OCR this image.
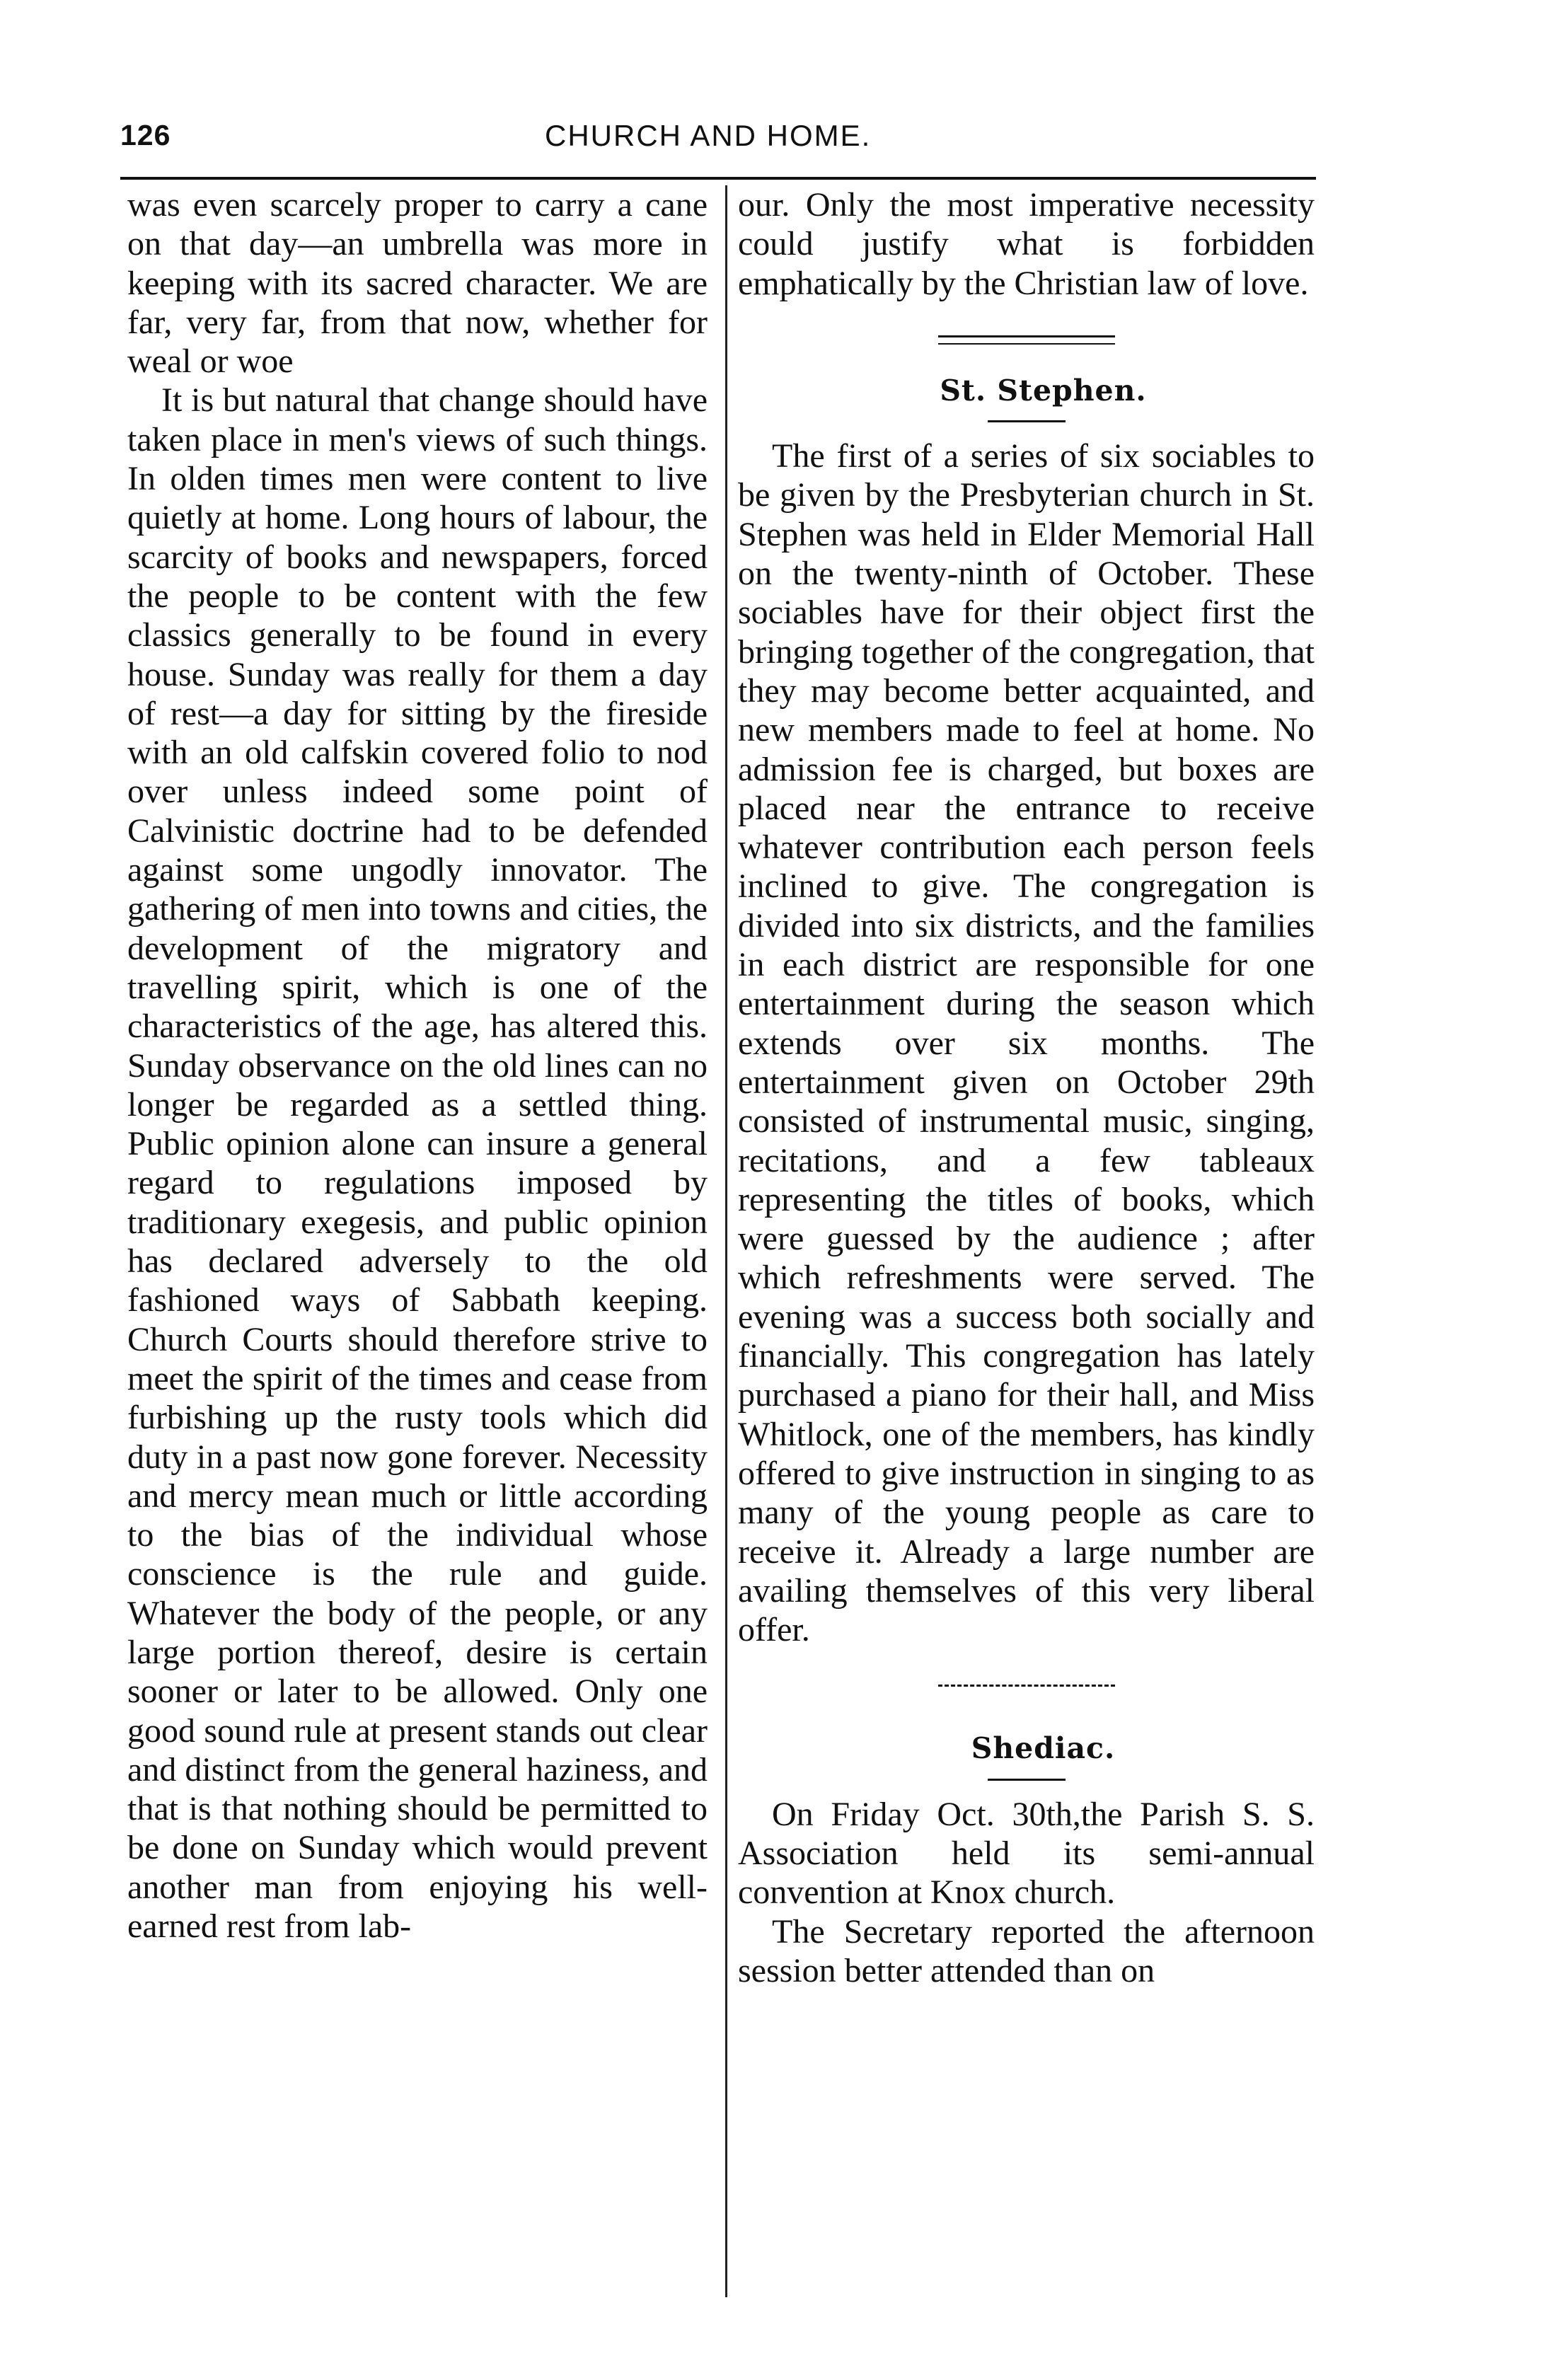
126	CHURCH AND HOME.

was even scarcely proper to carry a cane on that day—an umbrella was more in keeping with its sacred character. We are far, very far, from that now, whether for weal or woe

It is but natural that change should have taken place in men's views of such things. In olden times men were content to live quietly at home. Long hours of labour, the scarcity of books and newspapers, forced the people to be content with the few classics generally to be found in every house. Sunday was really for them a day of rest—a day for sitting by the fireside with an old calfskin covered folio to nod over unless indeed some point of Calvinistic doctrine had to be defended against some ungodly innovator. The gathering of men into towns and cities, the development of the migratory and travelling spirit, which is one of the characteristics of the age, has altered this. Sunday observance on the old lines can no longer be regarded as a settled thing. Public opinion alone can insure a general regard to regulations imposed by traditionary exegesis, and public opinion has declared adversely to the old fashioned ways of Sabbath keeping. Church Courts should therefore strive to meet the spirit of the times and cease from furbishing up the rusty tools which did duty in a past now gone forever. Necessity and mercy mean much or little according to the bias of the individual whose conscience is the rule and guide. Whatever the body of the people, or any large portion thereof, desire is certain sooner or later to be allowed. Only one good sound rule at present stands out clear and distinct from the general haziness, and that is that nothing should be permitted to be done on Sunday which would prevent another man from enjoying his well-earned rest from lab-

our. Only the most imperative necessity could justify what is forbidden emphatically by the Christian law of love.

St. Stephen.

The first of a series of six sociables to be given by the Presbyterian church in St. Stephen was held in Elder Memorial Hall on the twenty-ninth of October. These sociables have for their object first the bringing together of the congregation, that they may become better acquainted, and new members made to feel at home. No admission fee is charged, but boxes are placed near the entrance to receive whatever contribution each person feels inclined to give. The congregation is divided into six districts, and the families in each district are responsible for one entertainment during the season which extends over six months. The entertainment given on October 29th consisted of instrumental music, singing, recitations, and a few tableaux representing the titles of books, which were guessed by the audience ; after which refreshments were served. The evening was a success both socially and financially. This congregation has lately purchased a piano for their hall, and Miss Whitlock, one of the members, has kindly offered to give instruction in singing to as many of the young people as care to receive it. Already a large number are availing themselves of this very liberal offer.

Shediac.

On Friday Oct. 30th,the Parish S. S. Association held its semi-annual convention at Knox church.

The Secretary reported the afternoon session better attended than on
